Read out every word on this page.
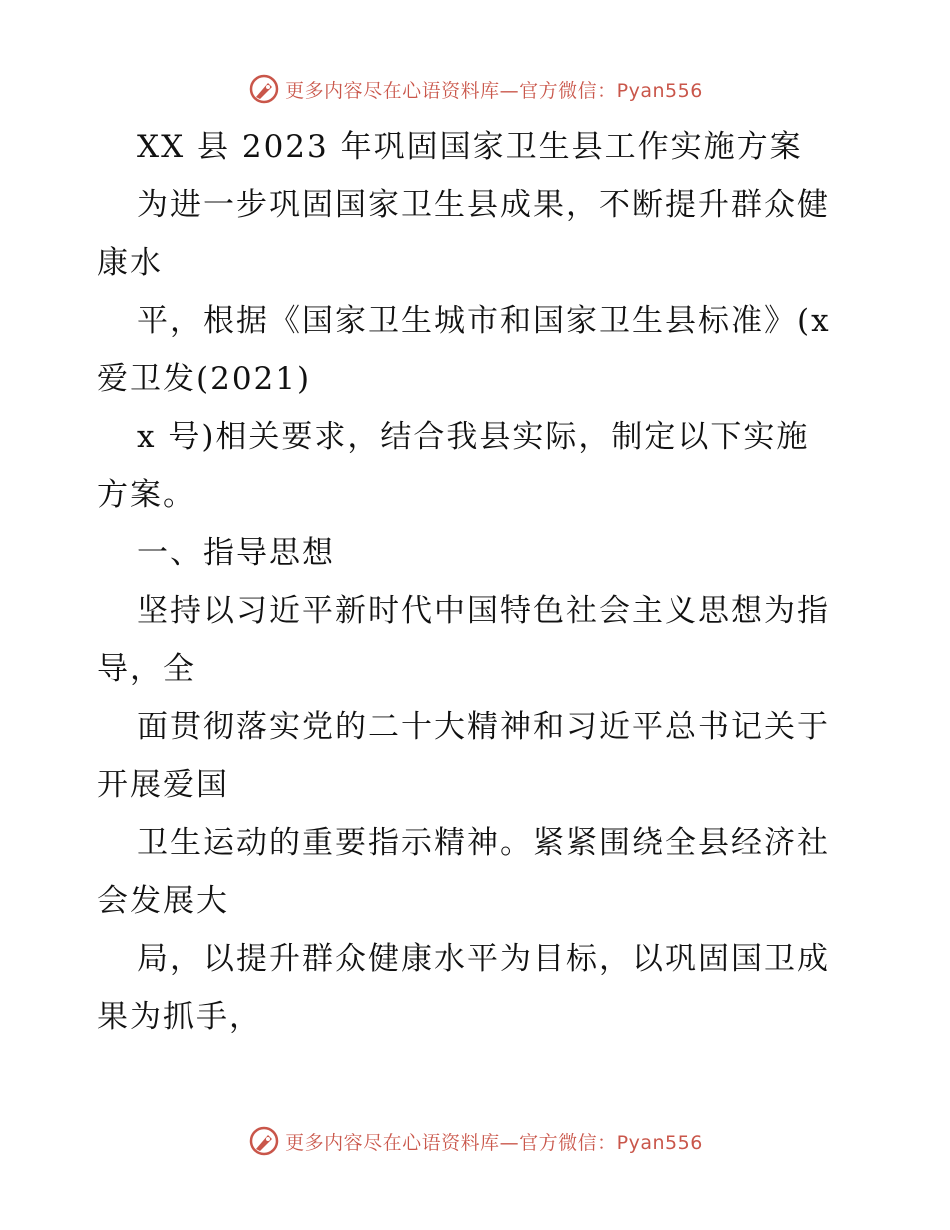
更多内容尽在心语资料库—官方微信：Pyan556
XX 县 2023 年巩固国家卫生县工作实施方案
为进一步巩固国家卫生县成果，不断提升群众健
康水
平，根据《国家卫生城市和国家卫生县标准》(x
爱卫发(2021)
x 号)相关要求，结合我县实际，制定以下实施
方案。
一、指导思想
坚持以习近平新时代中国特色社会主义思想为指
导，全
面贯彻落实党的二十大精神和习近平总书记关于
开展爱国
卫生运动的重要指示精神。紧紧围绕全县经济社
会发展大
局，以提升群众健康水平为目标，以巩固国卫成
果为抓手，
更多内容尽在心语资料库—官方微信：Pyan556
